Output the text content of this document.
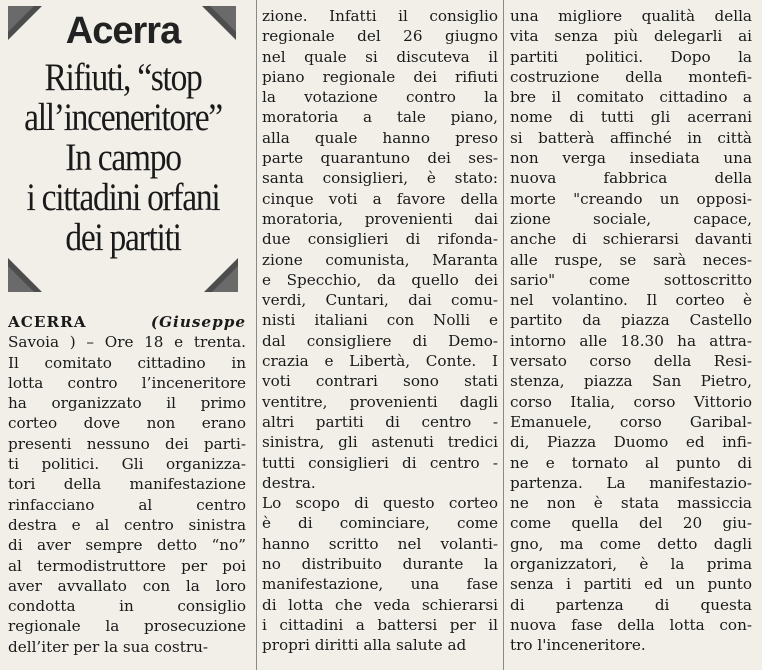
Acerra
Rifiuti, “stop
all’inceneritore”
In campo
i cittadini orfani
dei partiti
ACERRA	(Giuseppe
Savoia ) – Ore 18 e trenta.
Il comitato cittadino in
lotta contro l’inceneritore
ha organizzato il primo
corteo dove non erano
presenti nessuno dei parti-
ti politici. Gli organizza-
tori della manifestazione
rinfacciano al centro
destra e al centro sinistra
di aver sempre detto “no”
al termodistruttore per poi
aver avvallato con la loro
condotta in consiglio
regionale la prosecuzione
dell’iter per la sua costru-
zione. Infatti il consiglio
regionale del 26 giugno
nel quale si discuteva il
piano regionale dei rifiuti
la votazione contro la
moratoria a tale piano,
alla quale hanno preso
parte quarantuno dei ses-
santa consiglieri, è stato:
cinque voti a favore della
moratoria, provenienti dai
due consiglieri di rifonda-
zione comunista, Maranta
e Specchio, da quello dei
verdi, Cuntari, dai comu-
nisti italiani con Nolli e
dal consigliere di Demo-
crazia e Libertà, Conte. I
voti contrari sono stati
ventitre, provenienti dagli
altri partiti di centro -
sinistra, gli astenuti tredici
tutti consiglieri di centro -
destra.
Lo scopo di questo corteo
è di cominciare, come
hanno scritto nel volanti-
no distribuito durante la
manifestazione, una fase
di lotta che veda schierarsi
i cittadini a battersi per il
propri diritti alla salute ad
una migliore qualità della
vita senza più delegarli ai
partiti politici. Dopo la
costruzione della montefi-
bre il comitato cittadino a
nome di tutti gli acerrani
si batterà affinché in città
non verga insediata una
nuova fabbrica della
morte "creando un opposi-
zione sociale, capace,
anche di schierarsi davanti
alle ruspe, se sarà neces-
sario" come sottoscritto
nel volantino. Il corteo è
partito da piazza Castello
intorno alle 18.30 ha attra-
versato corso della Resi-
stenza, piazza San Pietro,
corso Italia, corso Vittorio
Emanuele, corso Garibal-
di, Piazza Duomo ed infi-
ne e tornato al punto di
partenza. La manifestazio-
ne non è stata massiccia
come quella del 20 giu-
gno, ma come detto dagli
organizzatori, è la prima
senza i partiti ed un punto
di partenza di questa
nuova fase della lotta con-
tro l'inceneritore.
